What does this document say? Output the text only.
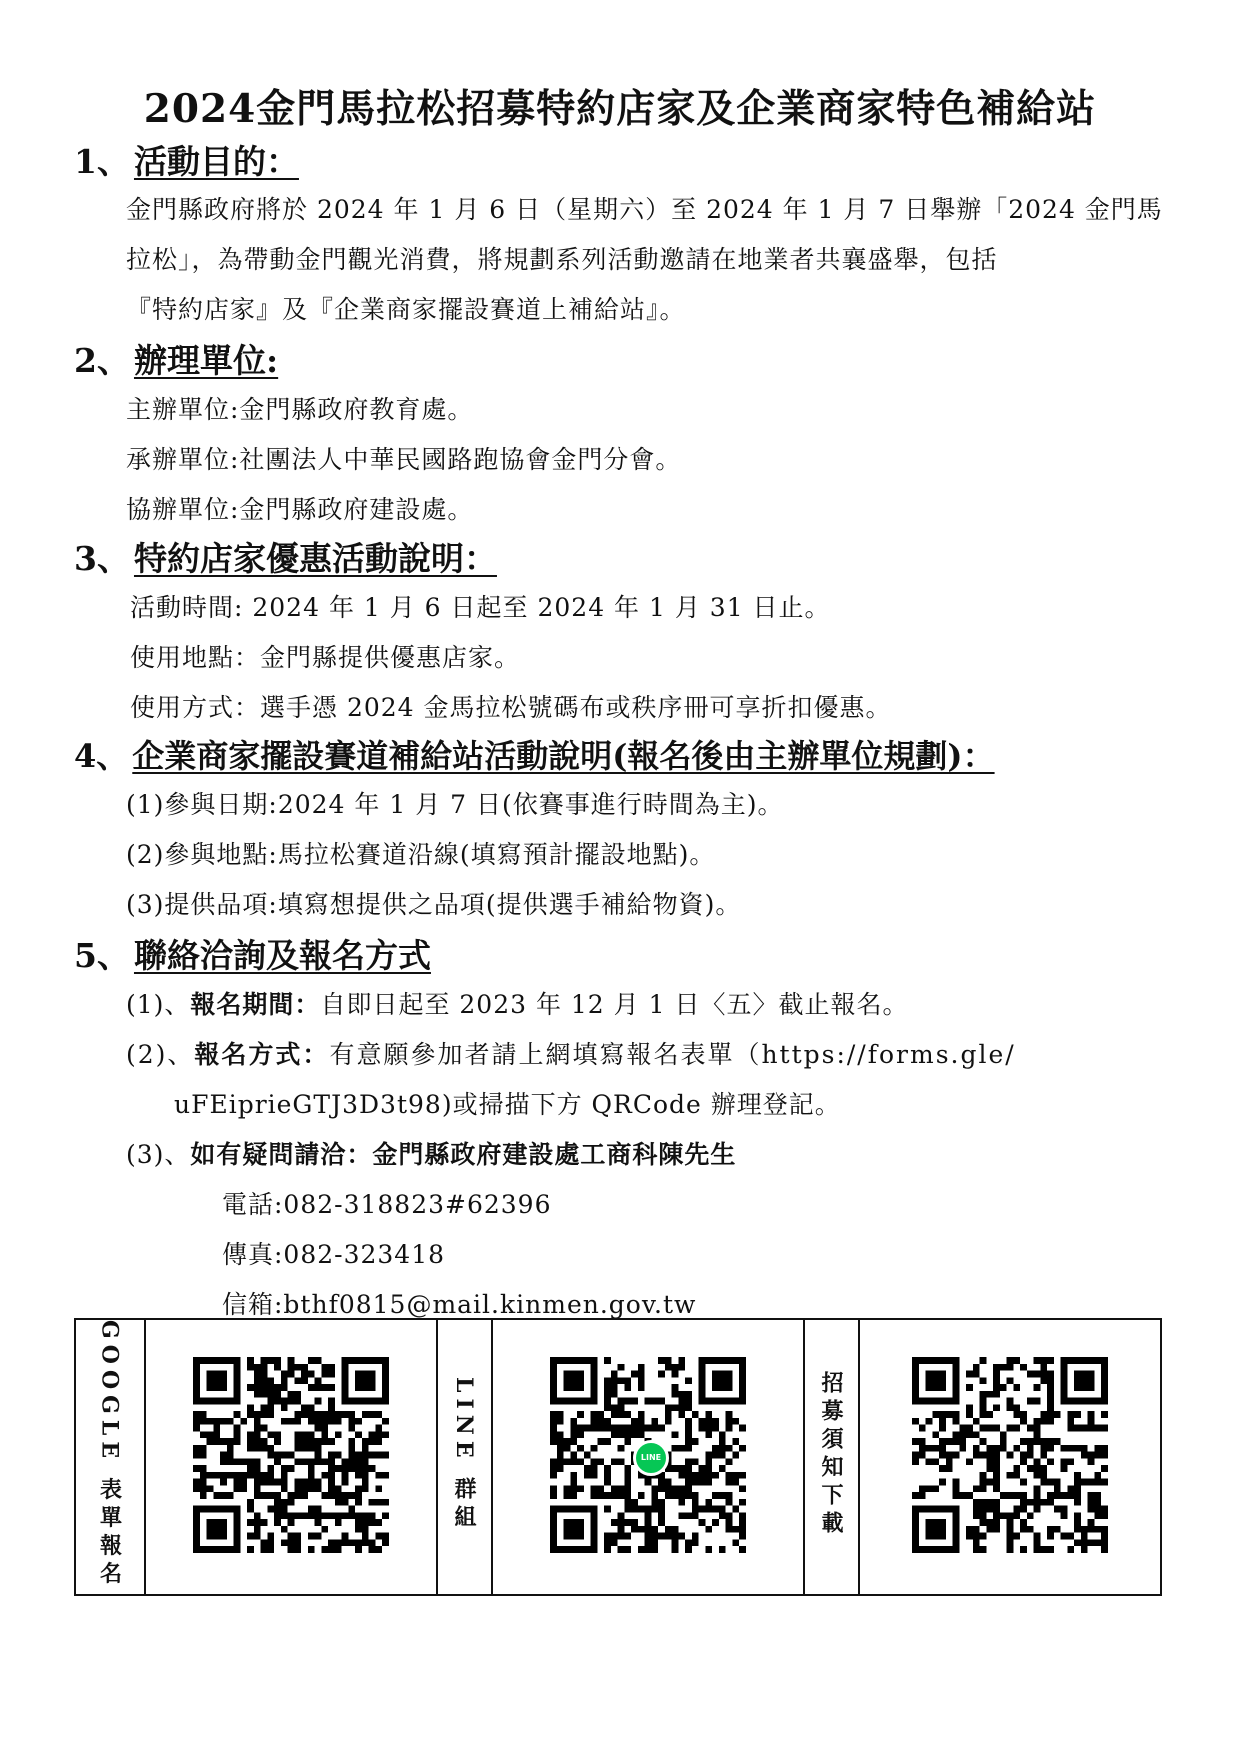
2024金門馬拉松招募特約店家及企業商家特色補給站
1、 活動目的：
金門縣政府將於 2024 年 1 月 6 日（星期六）至 2024 年 1 月 7 日舉辦「2024 金門馬
拉松」，為帶動金門觀光消費，將規劃系列活動邀請在地業者共襄盛舉，包括
『特約店家』及『企業商家擺設賽道上補給站』。
2、 辦理單位:
主辦單位:金門縣政府教育處。
承辦單位:社團法人中華民國路跑協會金門分會。
協辦單位:金門縣政府建設處。
3、 特約店家優惠活動說明：
活動時間: 2024 年 1 月 6 日起至 2024 年 1 月 31 日止。
使用地點：金門縣提供優惠店家。
使用方式：選手憑 2024 金馬拉松號碼布或秩序冊可享折扣優惠。
4、 企業商家擺設賽道補給站活動說明(報名後由主辦單位規劃)：
(1)參與日期:2024 年 1 月 7 日(依賽事進行時間為主)。
(2)參與地點:馬拉松賽道沿線(填寫預計擺設地點)。
(3)提供品項:填寫想提供之品項(提供選手補給物資)。
5、 聯絡洽詢及報名方式
(1)、報名期間：自即日起至 2023 年 12 月 1 日〈五〉截止報名。
(2)、報名方式：有意願參加者請上網填寫報名表單（https://forms.gle/
uFEiprieGTJ3D3t98)或掃描下方 QRCode 辦理登記。
(3)、如有疑問請洽：金門縣政府建設處工商科陳先生
電話:082-318823#62396
傳真:082-323418
信箱:bthf0815@mail.kinmen.gov.tw
GOOGLE 表單報名		LINE 群組	LINE	招募須知下載	
